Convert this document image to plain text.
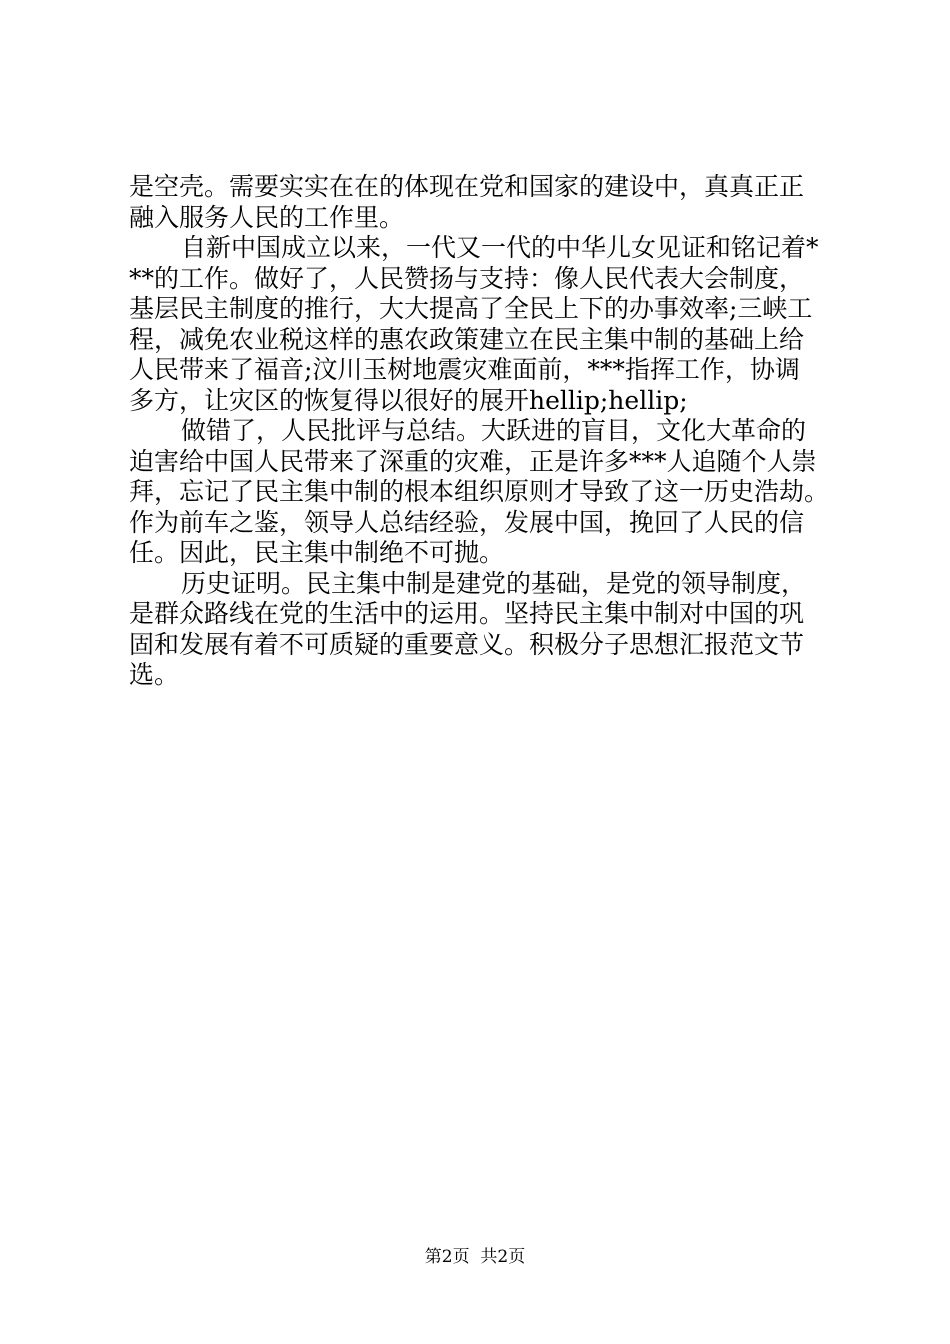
是空壳。需要实实在在的体现在党和国家的建设中，真真正正
融入服务人民的工作里。
自新中国成立以来，一代又一代的中华儿女见证和铭记着*
**的工作。做好了，人民赞扬与支持：像人民代表大会制度，
基层民主制度的推行，大大提高了全民上下的办事效率;三峡工
程，减免农业税这样的惠农政策建立在民主集中制的基础上给
人民带来了福音;汶川玉树地震灾难面前，***指挥工作，协调
多方，让灾区的恢复得以很好的展开hellip;hellip;
做错了，人民批评与总结。大跃进的盲目，文化大革命的
迫害给中国人民带来了深重的灾难，正是许多***人追随个人崇
拜，忘记了民主集中制的根本组织原则才导致了这一历史浩劫。
作为前车之鉴，领导人总结经验，发展中国，挽回了人民的信
任。因此，民主集中制绝不可抛。
历史证明。民主集中制是建党的基础，是党的领导制度，
是群众路线在党的生活中的运用。坚持民主集中制对中国的巩
固和发展有着不可质疑的重要意义。积极分子思想汇报范文节
选。
第2页  共2页
